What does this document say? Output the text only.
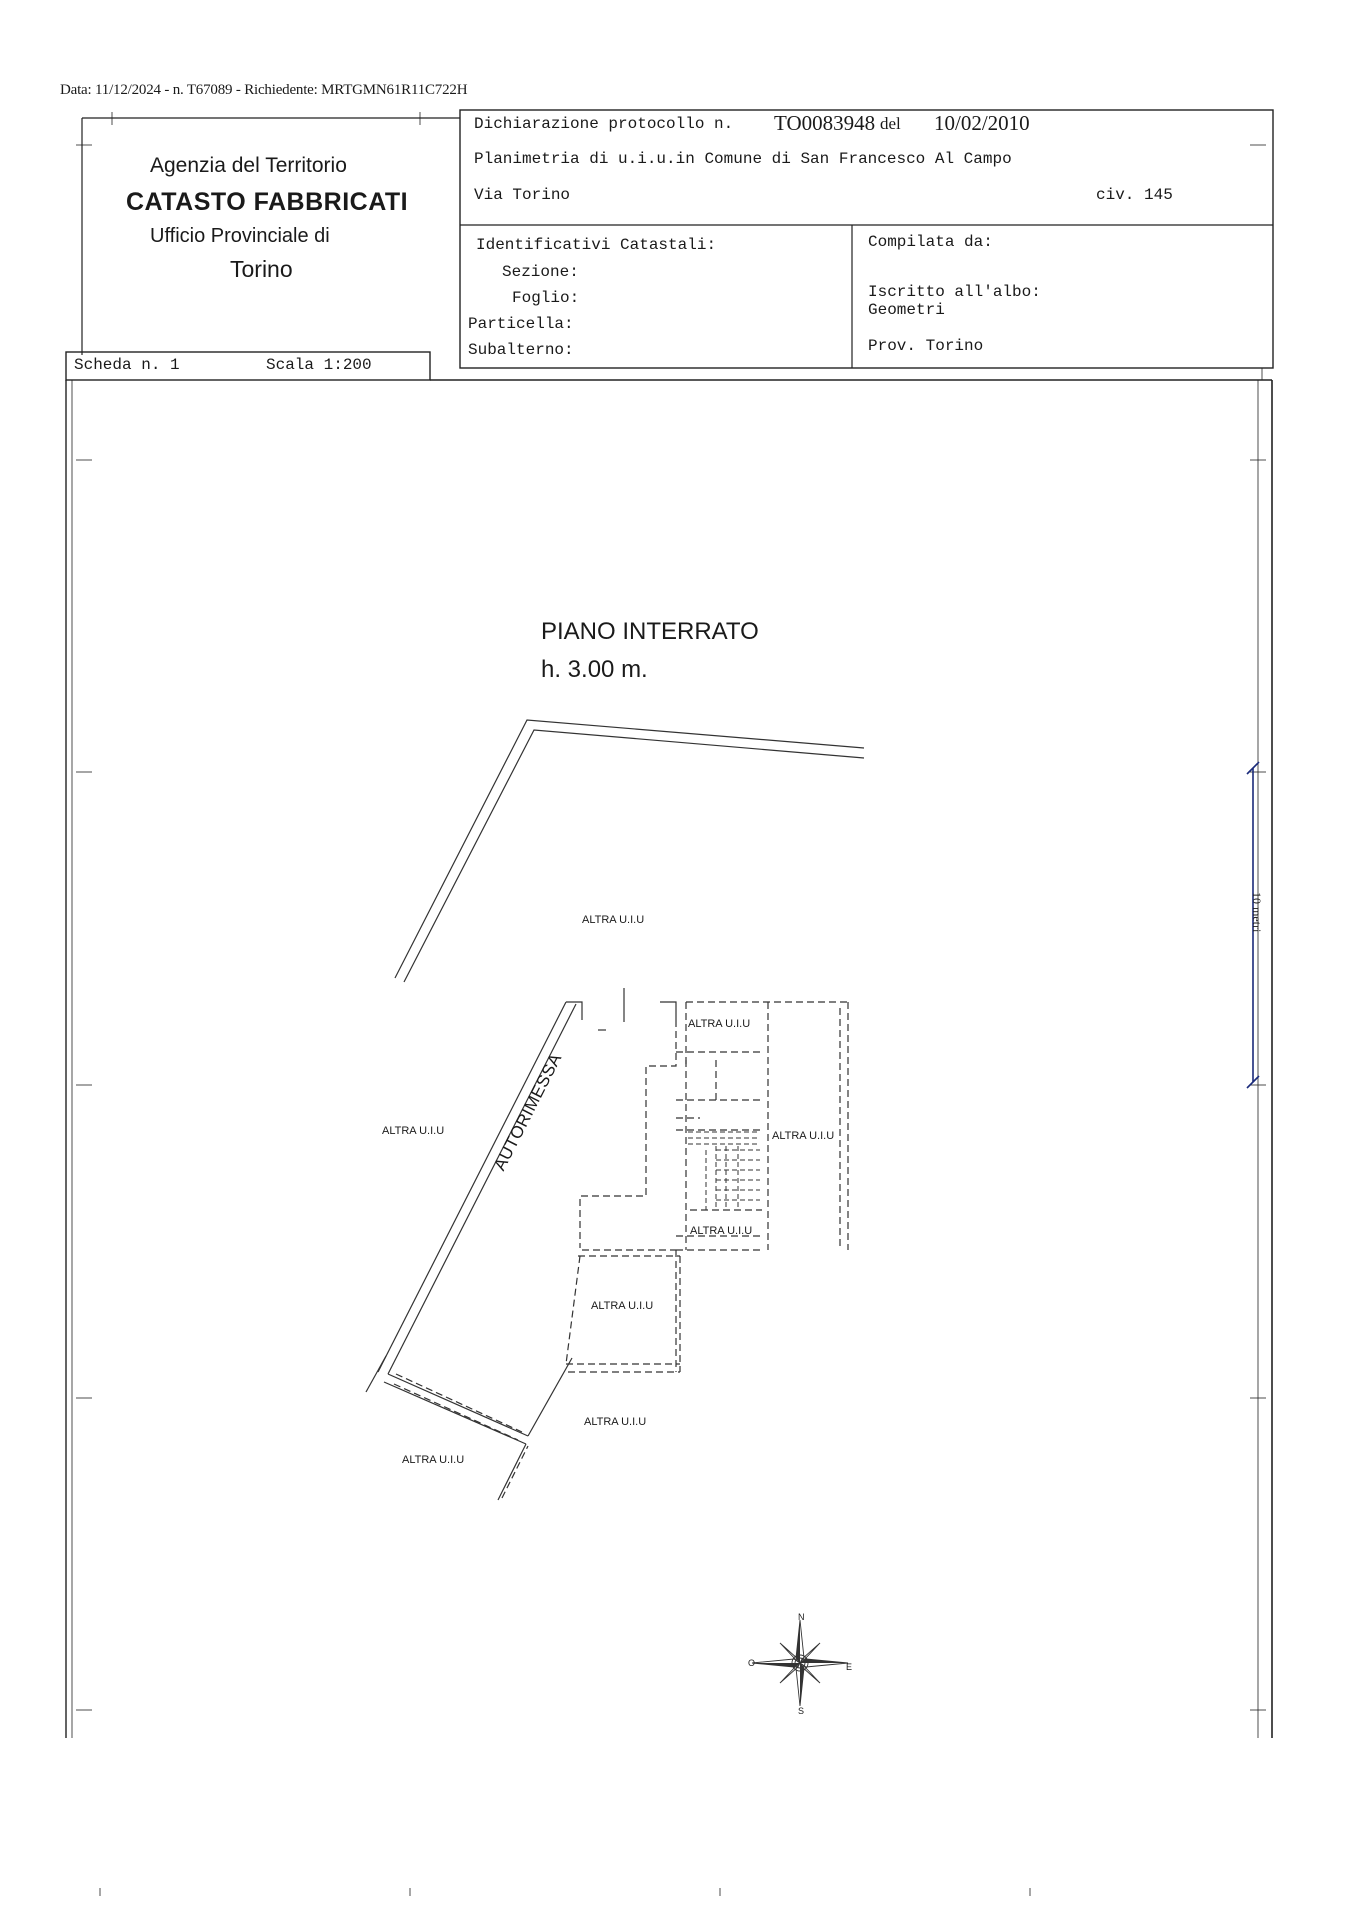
Data: 11/12/2024 - n. T67089 - Richiedente: MRTGMN61R11C722H
Agenzia del Territorio
CATASTO FABBRICATI
Ufficio Provinciale di
Torino
Dichiarazione protocollo n. TO0083948 del 10/02/2010
Planimetria di u.i.u.in Comune di San Francesco Al Campo
Via Torino	civ. 145
Identificativi Catastali:
Sezione:
Foglio:
Particella:
Subalterno:
Compilata da:
Iscritto all'albo:
Geometri
Prov. Torino
Scheda n. 1	Scala 1:200
PIANO INTERRATO
h. 3.00 m.
AUTORIMESSA
10 metri
ALTRA U.I.U
ALTRA U.I.U
ALTRA U.I.U
ALTRA U.I.U
ALTRA U.I.U
ALTRA U.I.U
ALTRA U.I.U
ALTRA U.I.U
N
S
E
O
